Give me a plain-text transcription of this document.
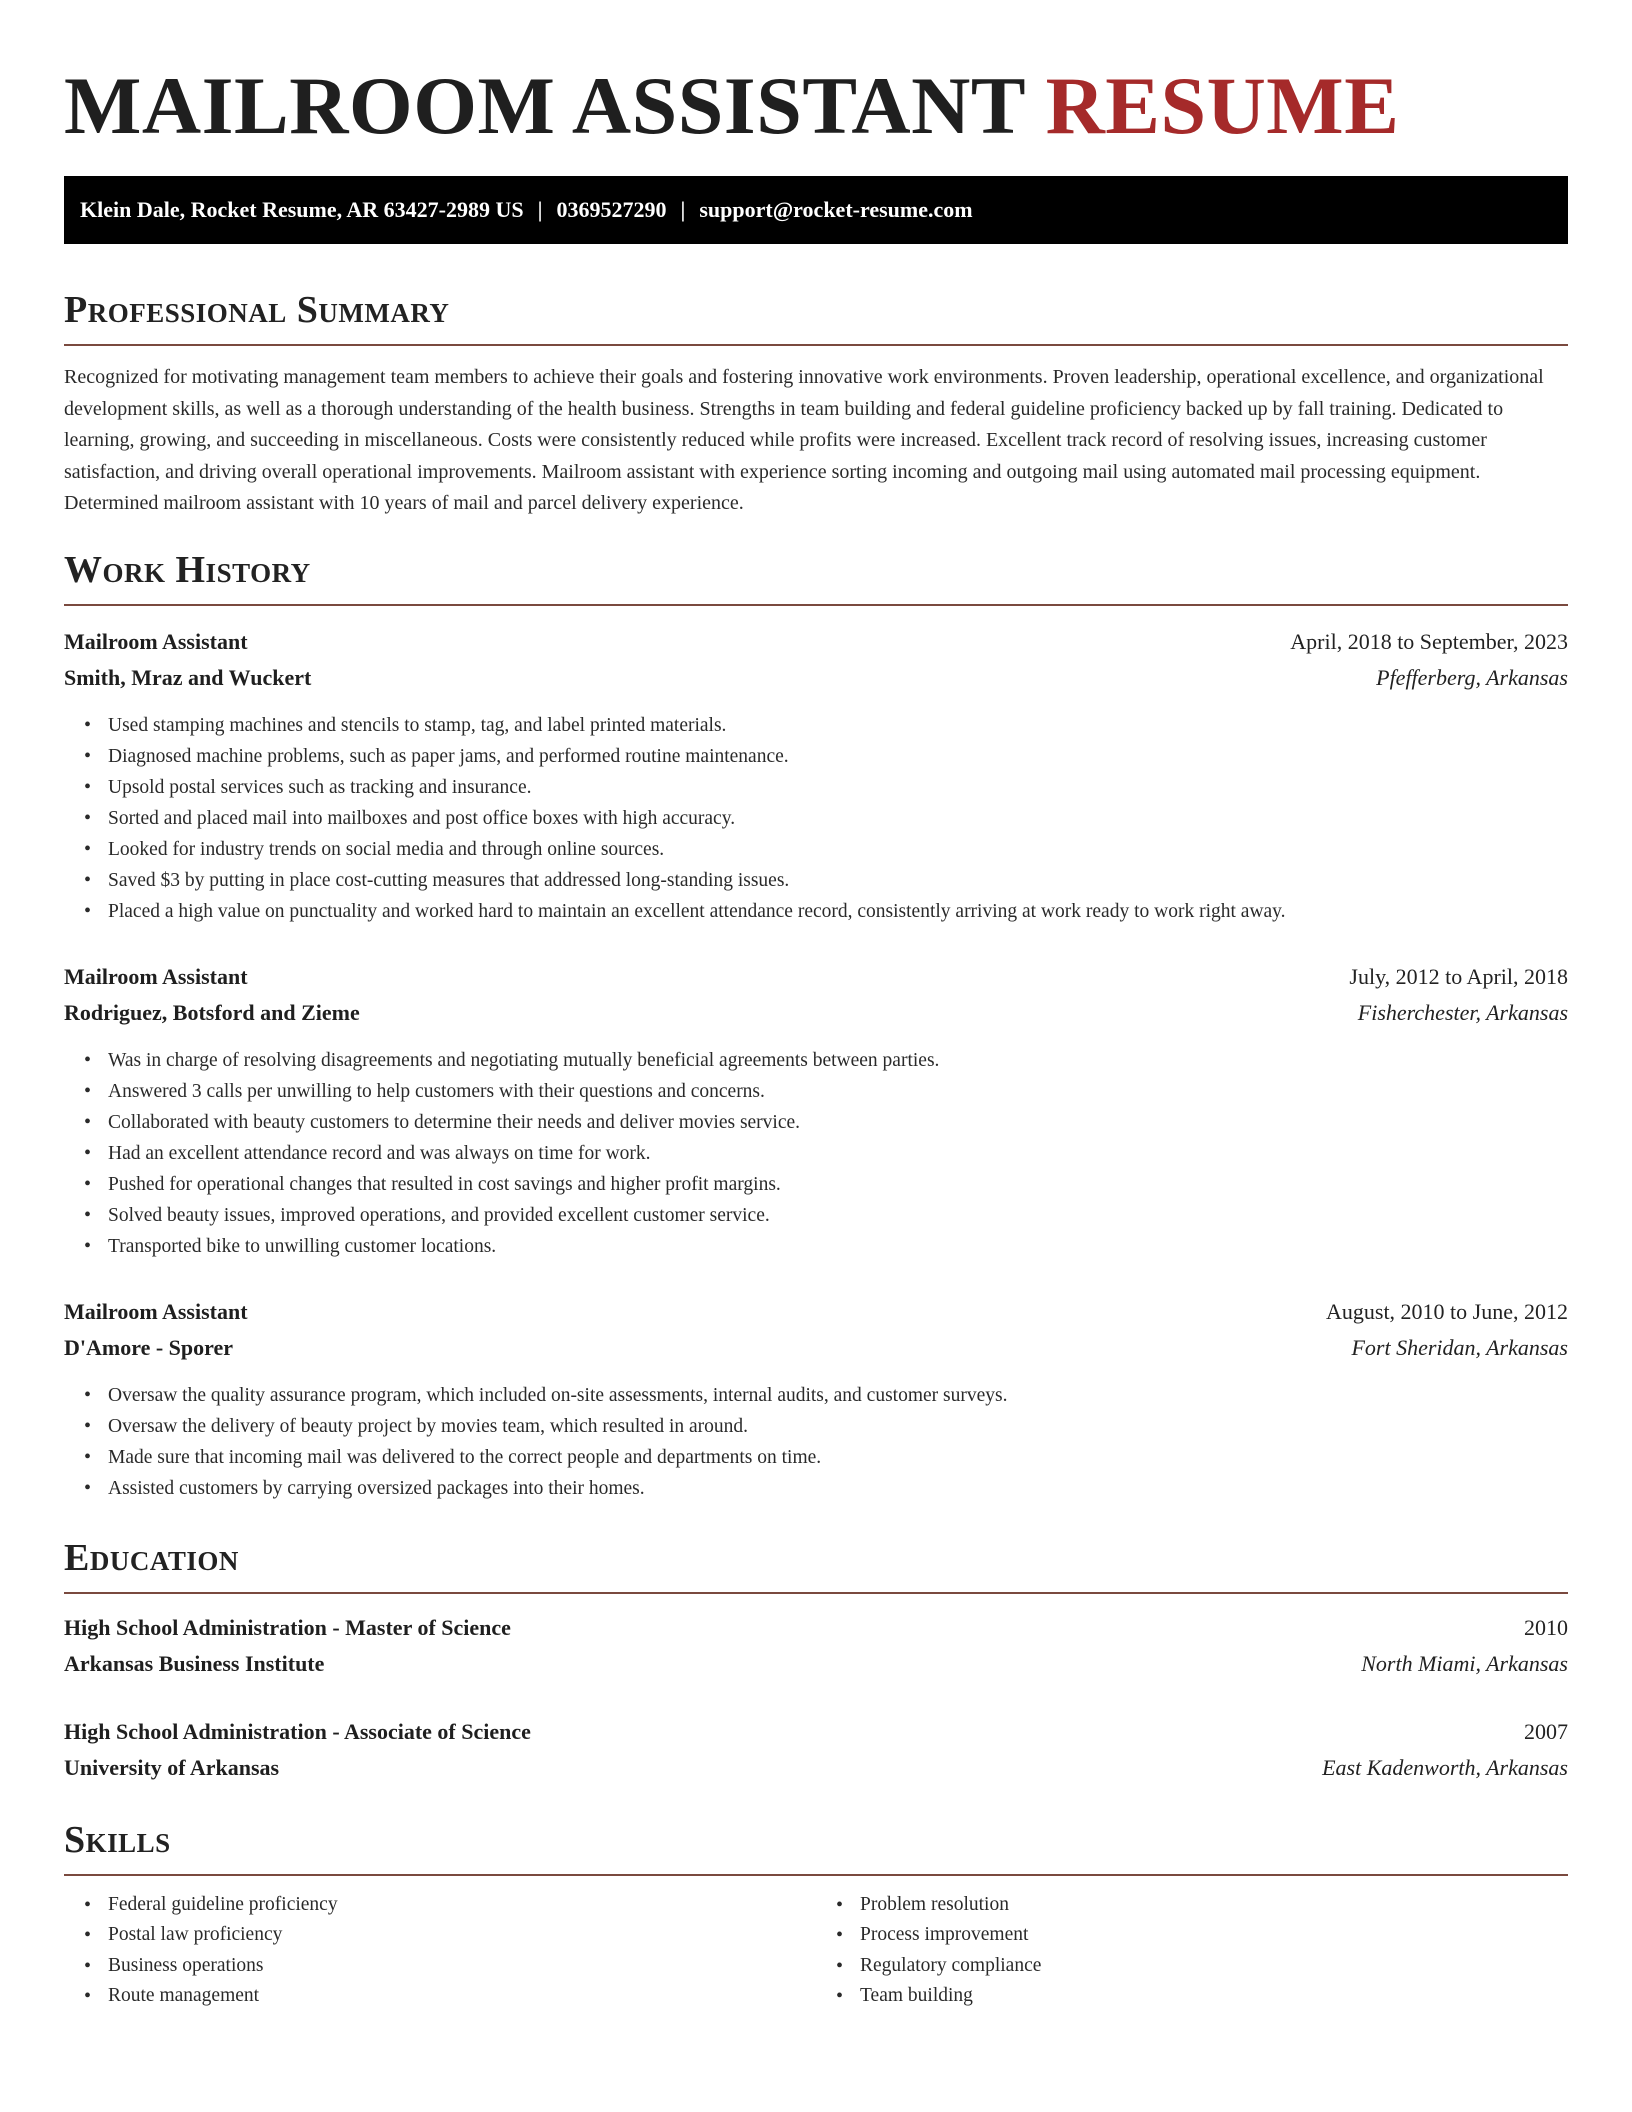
MAILROOM ASSISTANT RESUME
Klein Dale, Rocket Resume, AR 63427-2989 US | 0369527290 | support@rocket-resume.com
Professional Summary

Recognized for motivating management team members to achieve their goals and fostering innovative work environments. Proven leadership, operational excellence, and organizational development skills, as well as a thorough understanding of the health business. Strengths in team building and federal guideline proficiency backed up by fall training. Dedicated to learning, growing, and succeeding in miscellaneous. Costs were consistently reduced while profits were increased. Excellent track record of resolving issues, increasing customer satisfaction, and driving overall operational improvements. Mailroom assistant with experience sorting incoming and outgoing mail using automated mail processing equipment. Determined mailroom assistant with 10 years of mail and parcel delivery experience.

Work History
Mailroom Assistant	April, 2018 to September, 2023
Smith, Mraz and Wuckert	Pfefferberg, Arkansas
• Used stamping machines and stencils to stamp, tag, and label printed materials.
• Diagnosed machine problems, such as paper jams, and performed routine maintenance.
• Upsold postal services such as tracking and insurance.
• Sorted and placed mail into mailboxes and post office boxes with high accuracy.
• Looked for industry trends on social media and through online sources.
• Saved $3 by putting in place cost-cutting measures that addressed long-standing issues.
• Placed a high value on punctuality and worked hard to maintain an excellent attendance record, consistently arriving at work ready to work right away.
Mailroom Assistant	July, 2012 to April, 2018
Rodriguez, Botsford and Zieme	Fisherchester, Arkansas
• Was in charge of resolving disagreements and negotiating mutually beneficial agreements between parties.
• Answered 3 calls per unwilling to help customers with their questions and concerns.
• Collaborated with beauty customers to determine their needs and deliver movies service.
• Had an excellent attendance record and was always on time for work.
• Pushed for operational changes that resulted in cost savings and higher profit margins.
• Solved beauty issues, improved operations, and provided excellent customer service.
• Transported bike to unwilling customer locations.
Mailroom Assistant	August, 2010 to June, 2012
D'Amore - Sporer	Fort Sheridan, Arkansas
• Oversaw the quality assurance program, which included on-site assessments, internal audits, and customer surveys.
• Oversaw the delivery of beauty project by movies team, which resulted in around.
• Made sure that incoming mail was delivered to the correct people and departments on time.
• Assisted customers by carrying oversized packages into their homes.
Education
High School Administration - Master of Science	2010
Arkansas Business Institute	North Miami, Arkansas
High School Administration - Associate of Science	2007
University of Arkansas	East Kadenworth, Arkansas
Skills
• Federal guideline proficiency
• Postal law proficiency
• Business operations
• Route management
• Problem resolution
• Process improvement
• Regulatory compliance
• Team building
